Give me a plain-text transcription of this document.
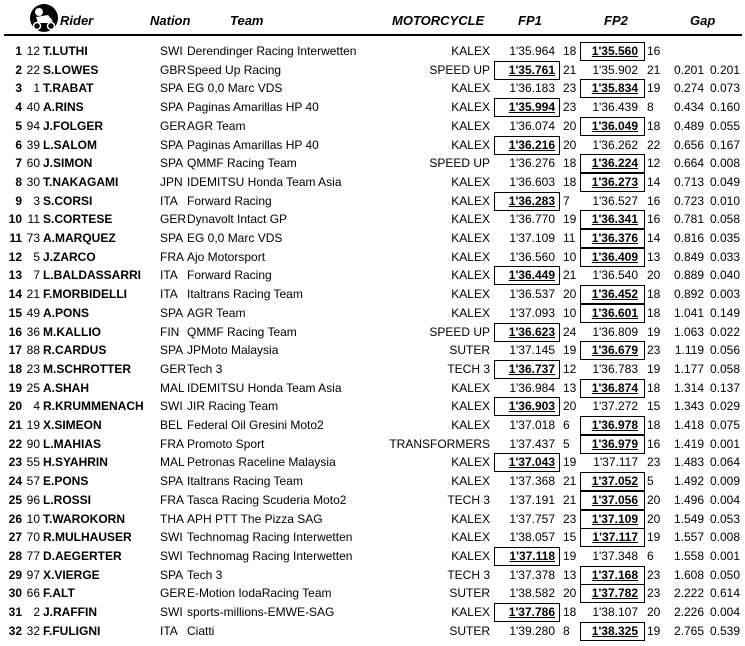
Rider	Nation	Team	MOTORCYCLE	FP1	FP2	Gap
1 12 T.LUTHI	SWI Derendinger Racing Interwetten	KALEX	1'35.964 18	1'35.560 16
2 22 S.LOWES	GBR Speed Up Racing	SPEED UP	1'35.761 21	1'35.902 21	0.201 0.201
3 1 T.RABAT	SPA EG 0,0 Marc VDS	KALEX	1'36.183 23	1'35.834 19	0.274 0.073
4 40 A.RINS	SPA Paginas Amarillas HP 40	KALEX	1'35.994 23	1'36.439 8	0.434 0.160
5 94 J.FOLGER	GER AGR Team	KALEX	1'36.074 20	1'36.049 18	0.489 0.055
6 39 L.SALOM	SPA Paginas Amarillas HP 40	KALEX	1'36.216 20	1'36.262 22	0.656 0.167
7 60 J.SIMON	SPA QMMF Racing Team	SPEED UP	1'36.276 18	1'36.224 12	0.664 0.008
8 30 T.NAKAGAMI	JPN IDEMITSU Honda Team Asia	KALEX	1'36.603 18	1'36.273 14	0.713 0.049
9 3 S.CORSI	ITA Forward Racing	KALEX	1'36.283 7	1'36.527 16	0.723 0.010
10 11 S.CORTESE	GER Dynavolt Intact GP	KALEX	1'36.770 19	1'36.341 16	0.781 0.058
11 73 A.MARQUEZ	SPA EG 0,0 Marc VDS	KALEX	1'37.109 11	1'36.376 14	0.816 0.035
12 5 J.ZARCO	FRA Ajo Motorsport	KALEX	1'36.560 10	1'36.409 13	0.849 0.033
13 7 L.BALDASSARRI ITA Forward Racing	KALEX	1'36.449 21	1'36.540 20	0.889 0.040
14 21 F.MORBIDELLI	ITA Italtrans Racing Team	KALEX	1'36.537 20	1'36.452 18	0.892 0.003
15 49 A.PONS	SPA AGR Team	KALEX	1'37.093 10	1'36.601 18	1.041 0.149
16 36 M.KALLIO	FIN QMMF Racing Team	SPEED UP	1'36.623 24	1'36.809 19	1.063 0.022
17 88 R.CARDUS	SPA JPMoto Malaysia	SUTER	1'37.145 19	1'36.679 23	1.119 0.056
18 23 M.SCHROTTER GER Tech 3	TECH 3	1'36.737 12	1'36.783 19	1.177 0.058
19 25 A.SHAH	MAL IDEMITSU Honda Team Asia	KALEX	1'36.984 13	1'36.874 18	1.314 0.137
20 4 R.KRUMMENACH SWI JIR Racing Team	KALEX	1'36.903 20	1'37.272 15	1.343 0.029
21 19 X.SIMEON	BEL Federal Oil Gresini Moto2	KALEX	1'37.018 6	1'36.978 18	1.418 0.075
22 90 L.MAHIAS	FRA Promoto Sport	TRANSFORMERS	1'37.437 5	1'36.979 16	1.419 0.001
23 55 H.SYAHRIN	MAL Petronas Raceline Malaysia	KALEX	1'37.043 19	1'37.117 23	1.483 0.064
24 57 E.PONS	SPA Italtrans Racing Team	KALEX	1'37.368 21	1'37.052 5	1.492 0.009
25 96 L.ROSSI	FRA Tasca Racing Scuderia Moto2	TECH 3	1'37.191 21	1'37.056 20	1.496 0.004
26 10 T.WAROKORN	THA APH PTT The Pizza SAG	KALEX	1'37.757 23	1'37.109 20	1.549 0.053
27 70 R.MULHAUSER SWI Technomag Racing Interwetten	KALEX	1'38.057 15	1'37.117 19	1.557 0.008
28 77 D.AEGERTER	SWI Technomag Racing Interwetten	KALEX	1'37.118 19	1'37.348 6	1.558 0.001
29 97 X.VIERGE	SPA Tech 3	TECH 3	1'37.378 13	1'37.168 23	1.608 0.050
30 66 F.ALT	GER E-Motion IodaRacing Team	SUTER	1'38.582 20	1'37.782 23	2.222 0.614
31 2 J.RAFFIN	SWI sports-millions-EMWE-SAG	KALEX	1'37.786 18	1'38.107 20	2.226 0.004
32 32 F.FULIGNI	ITA Ciatti	SUTER	1'39.280 8	1'38.325 19	2.765 0.539
